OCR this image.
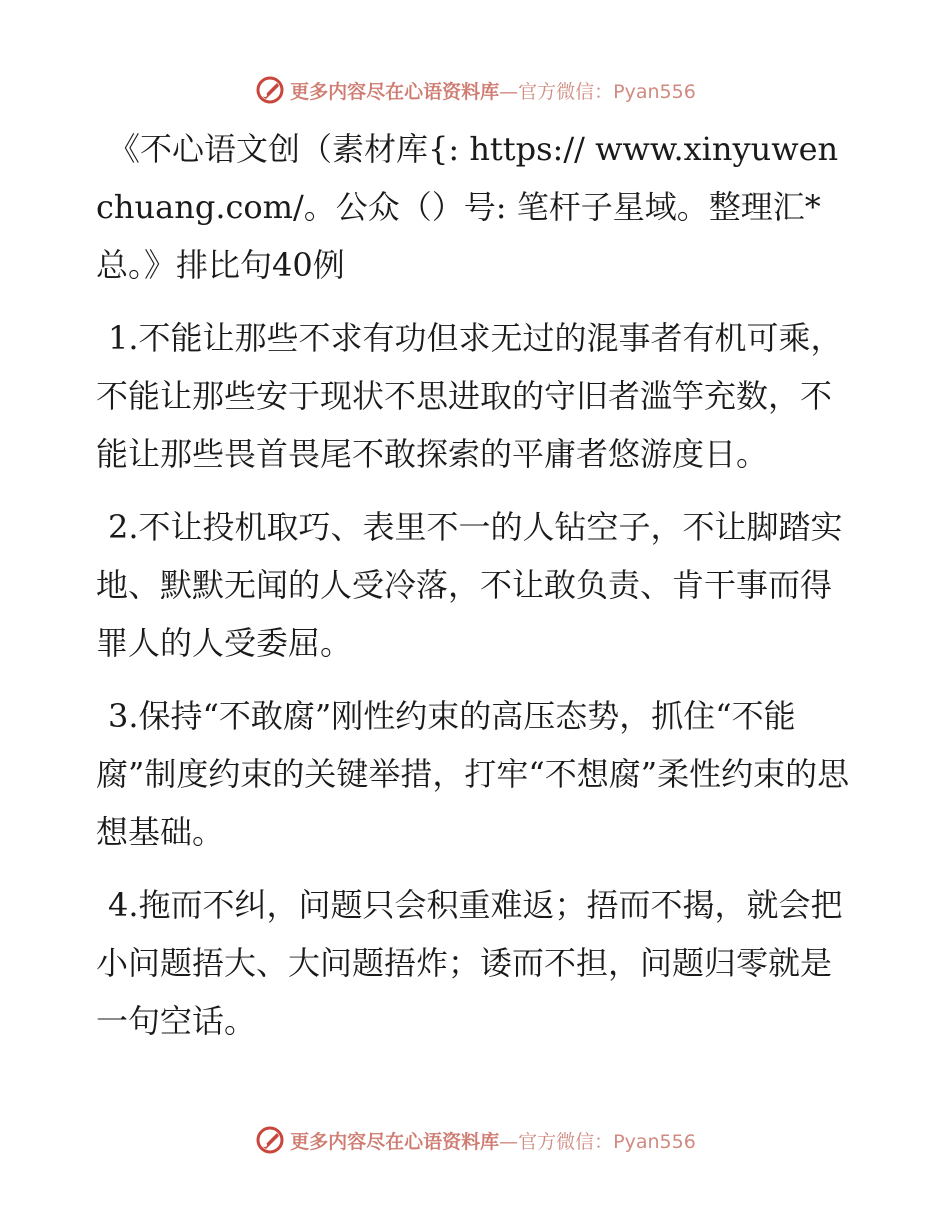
更多内容尽在心语资料库 —官方微信：Pyan556

《不心语文创（素材库{: https:// www.xinyuwenchuang.com/。公众（）号: 笔杆子星域。整理汇*总。》排比句40例

1.不能让那些不求有功但求无过的混事者有机可乘，不能让那些安于现状不思进取的守旧者滥竽充数，不能让那些畏首畏尾不敢探索的平庸者悠游度日。

2.不让投机取巧、表里不一的人钻空子，不让脚踏实地、默默无闻的人受冷落，不让敢负责、肯干事而得罪人的人受委屈。

3.保持“不敢腐”刚性约束的高压态势，抓住“不能腐”制度约束的关键举措，打牢“不想腐”柔性约束的思想基础。

4.拖而不纠，问题只会积重难返；捂而不揭，就会把小问题捂大、大问题捂炸；诿而不担，问题归零就是一句空话。

更多内容尽在心语资料库 —官方微信：Pyan556
